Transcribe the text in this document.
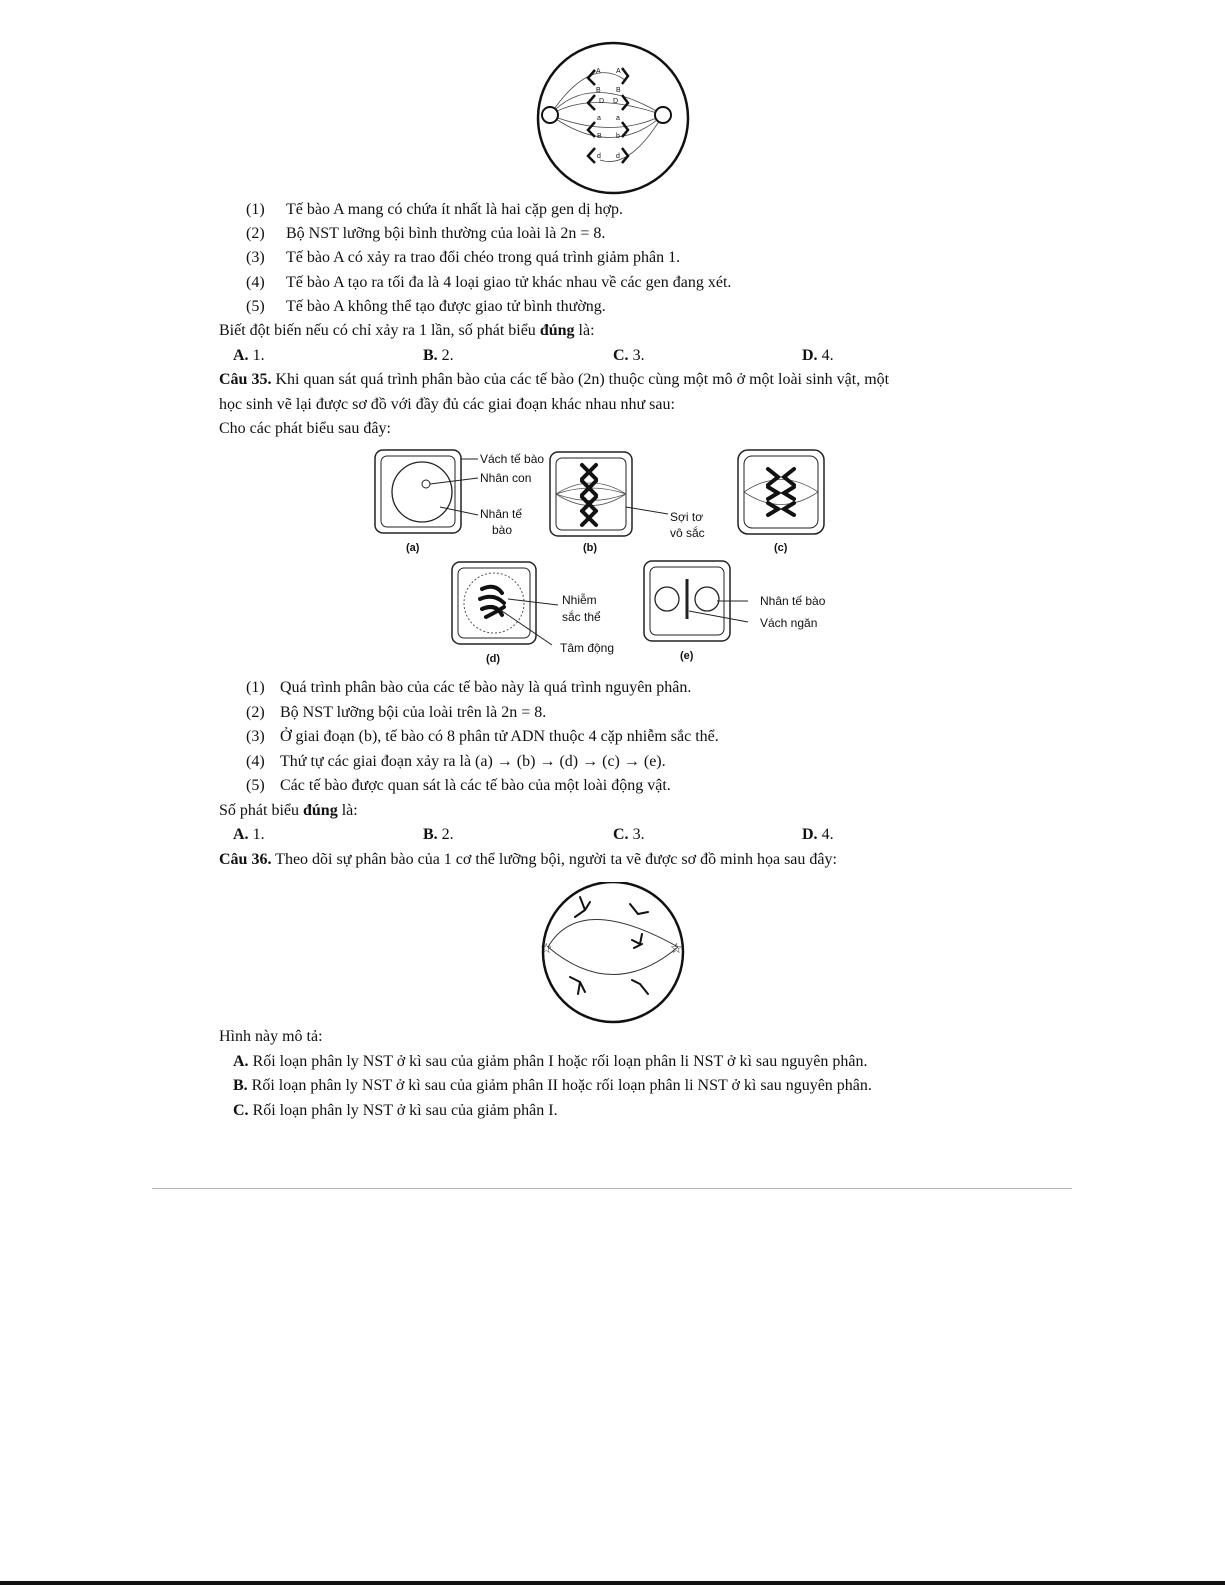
A A
B B
D D
a a
B b
d d
(1) Tế bào A mang có chứa ít nhất là hai cặp gen dị hợp.
(2) Bộ NST lưỡng bội bình thường của loài là 2n = 8.
(3) Tế bào A có xảy ra trao đổi chéo trong quá trình giảm phân 1.
(4) Tế bào A tạo ra tối đa là 4 loại giao tử khác nhau về các gen đang xét.
(5) Tế bào A không thể tạo được giao tử bình thường.
Biết đột biến nếu có chỉ xảy ra 1 lần, số phát biểu đúng là:
A. 1.	B. 2.	C. 3.	D. 4.
Câu 35. Khi quan sát quá trình phân bào của các tế bào (2n) thuộc cùng một mô ở một loài sinh vật, một
học sinh vẽ lại được sơ đồ với đầy đủ các giai đoạn khác nhau như sau:
Cho các phát biểu sau đây:
Vách tế bào
Nhân con
Nhân tế
bào
(a)
Sợi tơ
vô sắc
(b)	(c)
Nhiễm
sắc thể
Tâm động
(d)
Nhân tế bào
Vách ngăn
(e)
(1) Quá trình phân bào của các tế bào này là quá trình nguyên phân.
(2) Bộ NST lưỡng bội của loài trên là 2n = 8.
(3) Ở giai đoạn (b), tế bào có 8 phân tử ADN thuộc 4 cặp nhiễm sắc thể.
(4) Thứ tự các giai đoạn xảy ra là (a) → (b) → (d) → (c) → (e).
(5) Các tế bào được quan sát là các tế bào của một loài động vật.
Số phát biểu đúng là:
A. 1.	B. 2.	C. 3.	D. 4.
Câu 36. Theo dõi sự phân bào của 1 cơ thể lưỡng bội, người ta vẽ được sơ đồ minh họa sau đây:
☆	☆
Hình này mô tả:
A. Rối loạn phân ly NST ở kì sau của giảm phân I hoặc rối loạn phân li NST ở kì sau nguyên phân.
B. Rối loạn phân ly NST ở kì sau của giảm phân II hoặc rối loạn phân li NST ở kì sau nguyên phân.
C. Rối loạn phân ly NST ở kì sau của giảm phân I.
